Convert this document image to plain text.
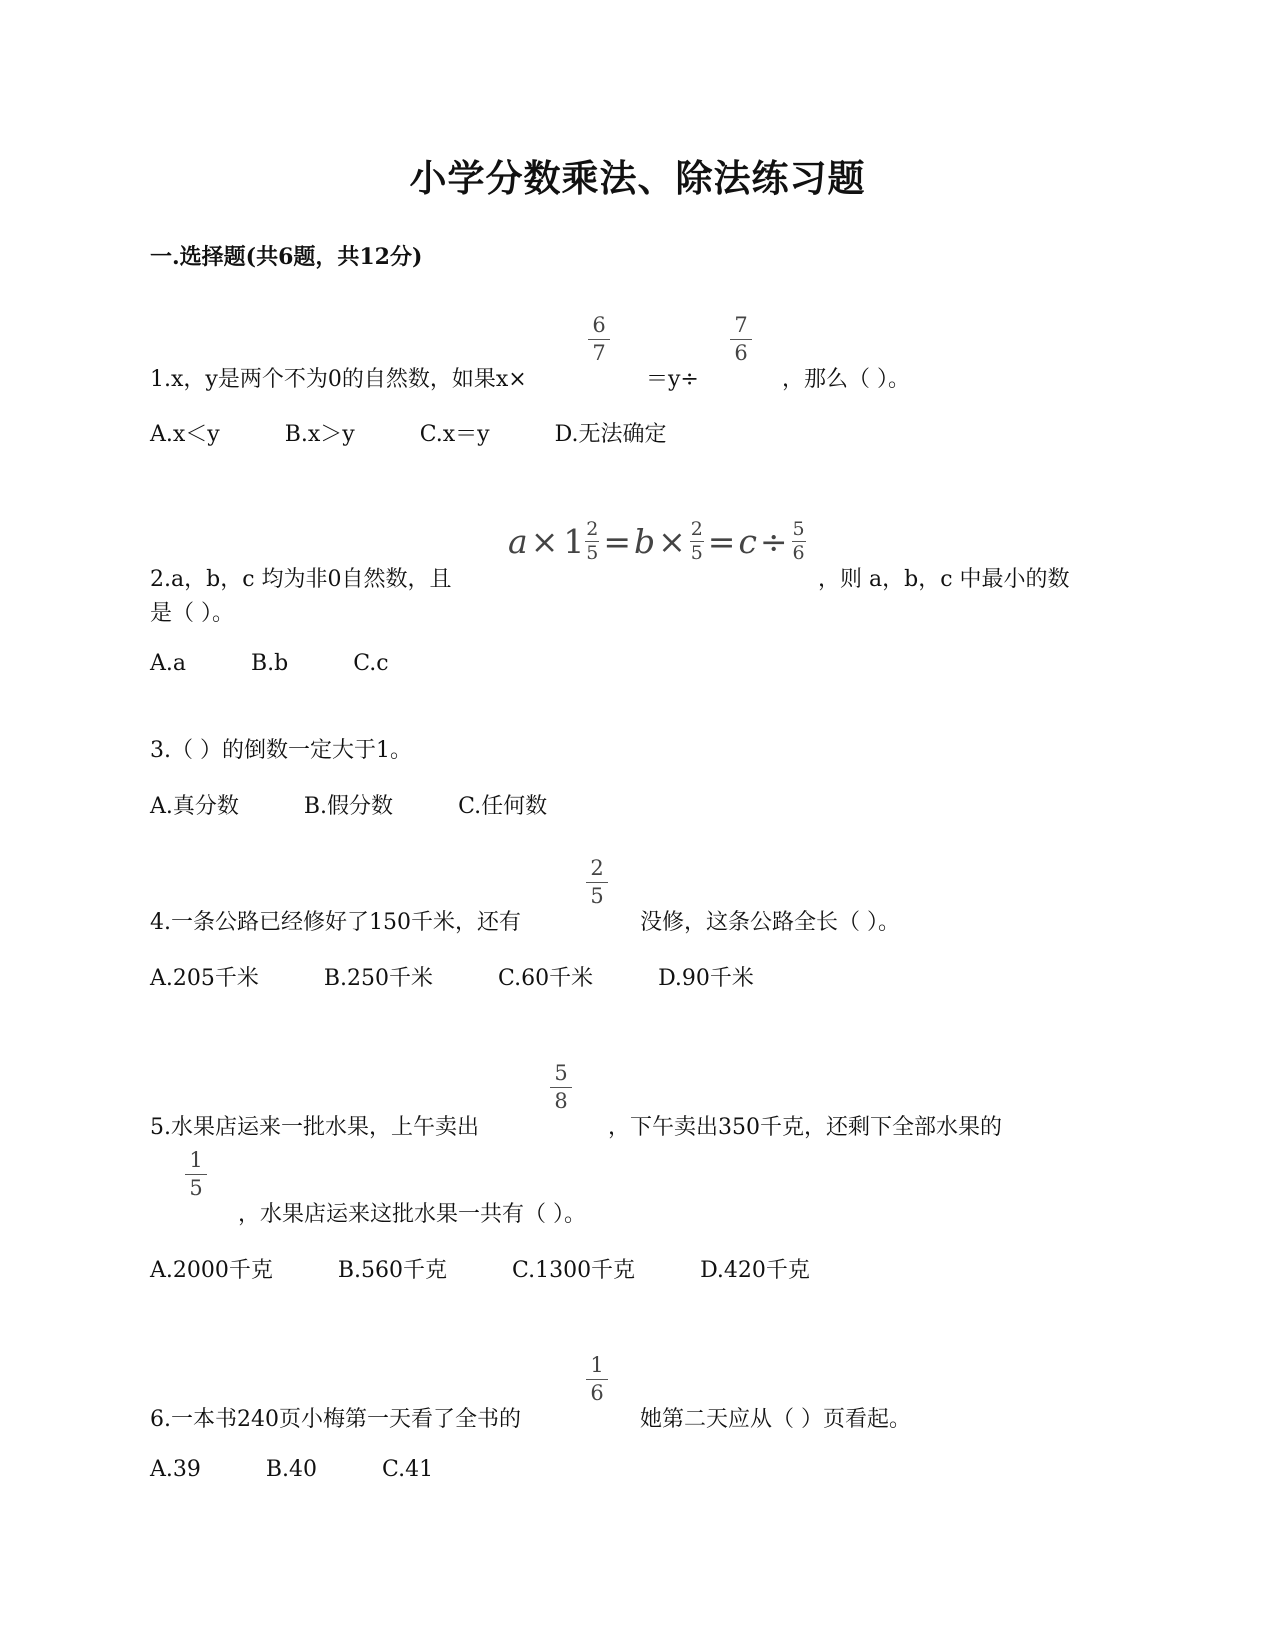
小学分数乘法、除法练习题
一.选择题(共6题，共12分)
1.x，y是两个不为0的自然数，如果x×
6
7
＝y÷
7
6
，那么（ ）。
A.x＜y	B.x＞y	C.x＝y	D.无法确定
2.a，b，c 均为非0自然数，且
a × 1 2
5 = b × 2
5 = c ÷ 5
6
，则 a，b，c 中最小的数
是（ ）。
A.a	B.b	C.c
3.（ ）的倒数一定大于1。
A.真分数	B.假分数	C.任何数
4.一条公路已经修好了150千米，还有
2
5
没修，这条公路全长（ ）。
A.205千米	B.250千米	C.60千米	D.90千米
5.水果店运来一批水果，上午卖出
5
8
，下午卖出350千克，还剩下全部水果的
1
5
，水果店运来这批水果一共有（ ）。
A.2000千克	B.560千克	C.1300千克	D.420千克
6.一本书240页小梅第一天看了全书的
1
6
她第二天应从（ ）页看起。
A.39	B.40	C.41
